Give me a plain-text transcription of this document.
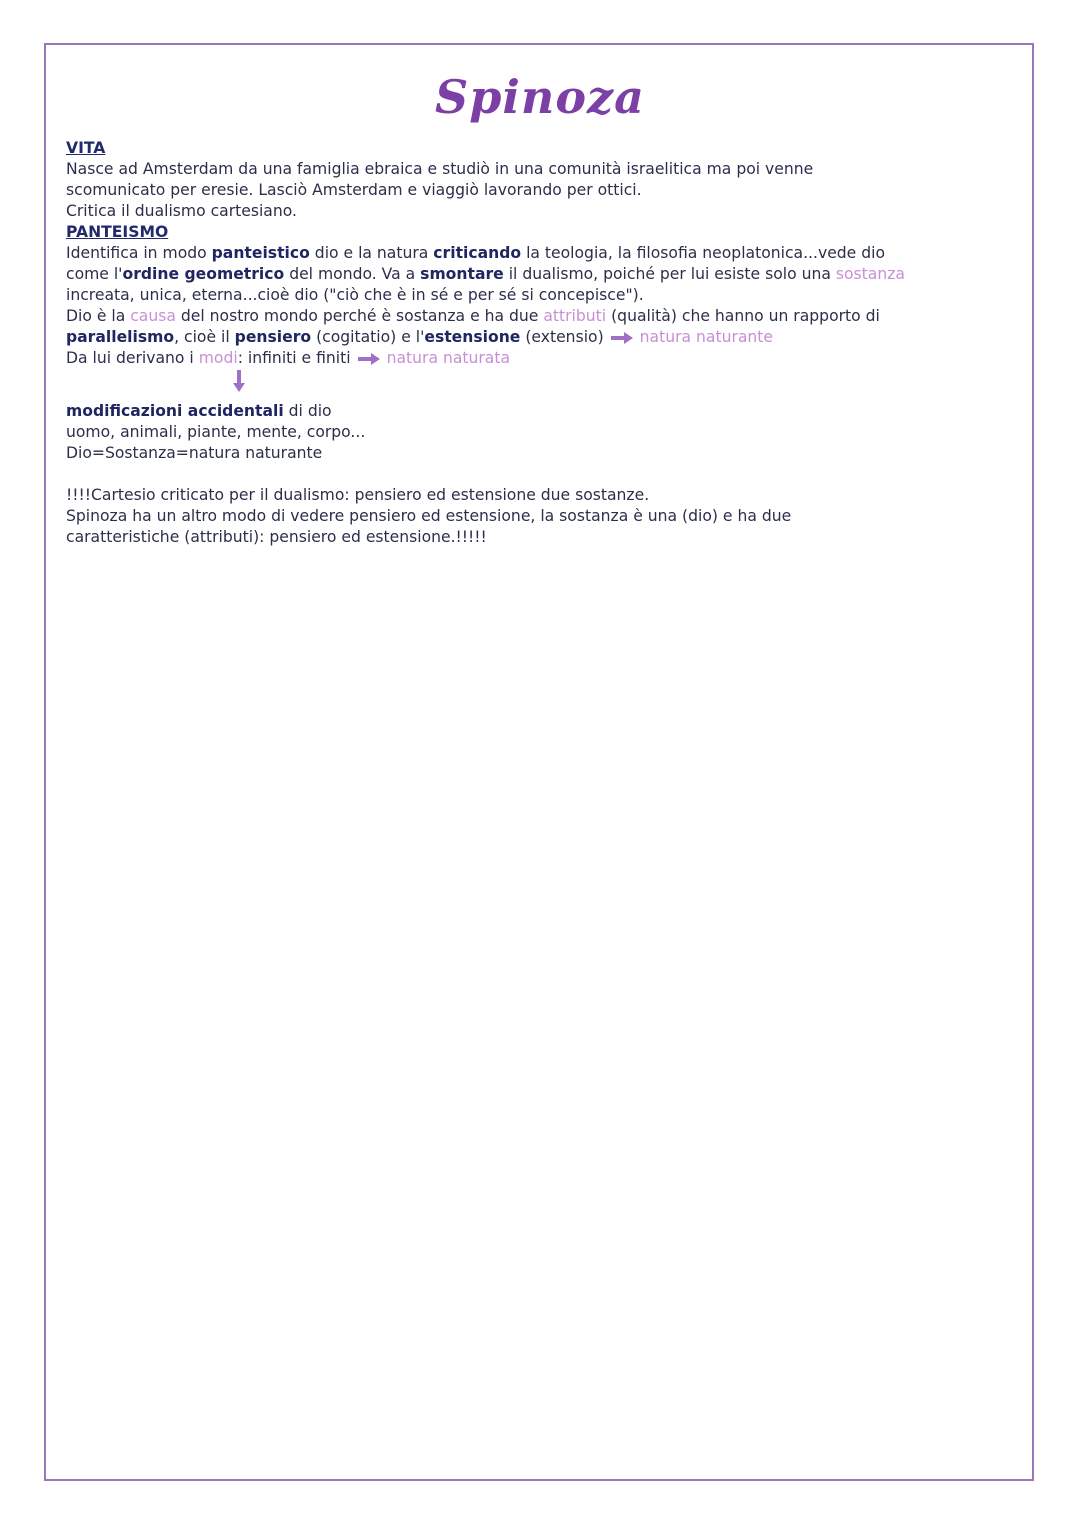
Spinoza
VITA
Nasce ad Amsterdam da una famiglia ebraica e studiò in una comunità israelitica ma poi venne
scomunicato per eresie. Lasciò Amsterdam e viaggiò lavorando per ottici.
Critica il dualismo cartesiano.
PANTEISMO
Identifica in modo panteistico dio e la natura criticando la teologia, la filosofia neoplatonica...vede dio
come l'ordine geometrico del mondo. Va a smontare il dualismo, poiché per lui esiste solo una sostanza
increata, unica, eterna...cioè dio ("ciò che è in sé e per sé si concepisce").
Dio è la causa del nostro mondo perché è sostanza e ha due attributi (qualità) che hanno un rapporto di
parallelismo, cioè il pensiero (cogitatio) e l'estensione (extensio) natura naturante
Da lui derivano i modi: infiniti e finiti natura naturata
modificazioni accidentali di dio
uomo, animali, piante, mente, corpo...
Dio=Sostanza=natura naturante
!!!!Cartesio criticato per il dualismo: pensiero ed estensione due sostanze.
Spinoza ha un altro modo di vedere pensiero ed estensione, la sostanza è una (dio) e ha due
caratteristiche (attributi): pensiero ed estensione.!!!!!
